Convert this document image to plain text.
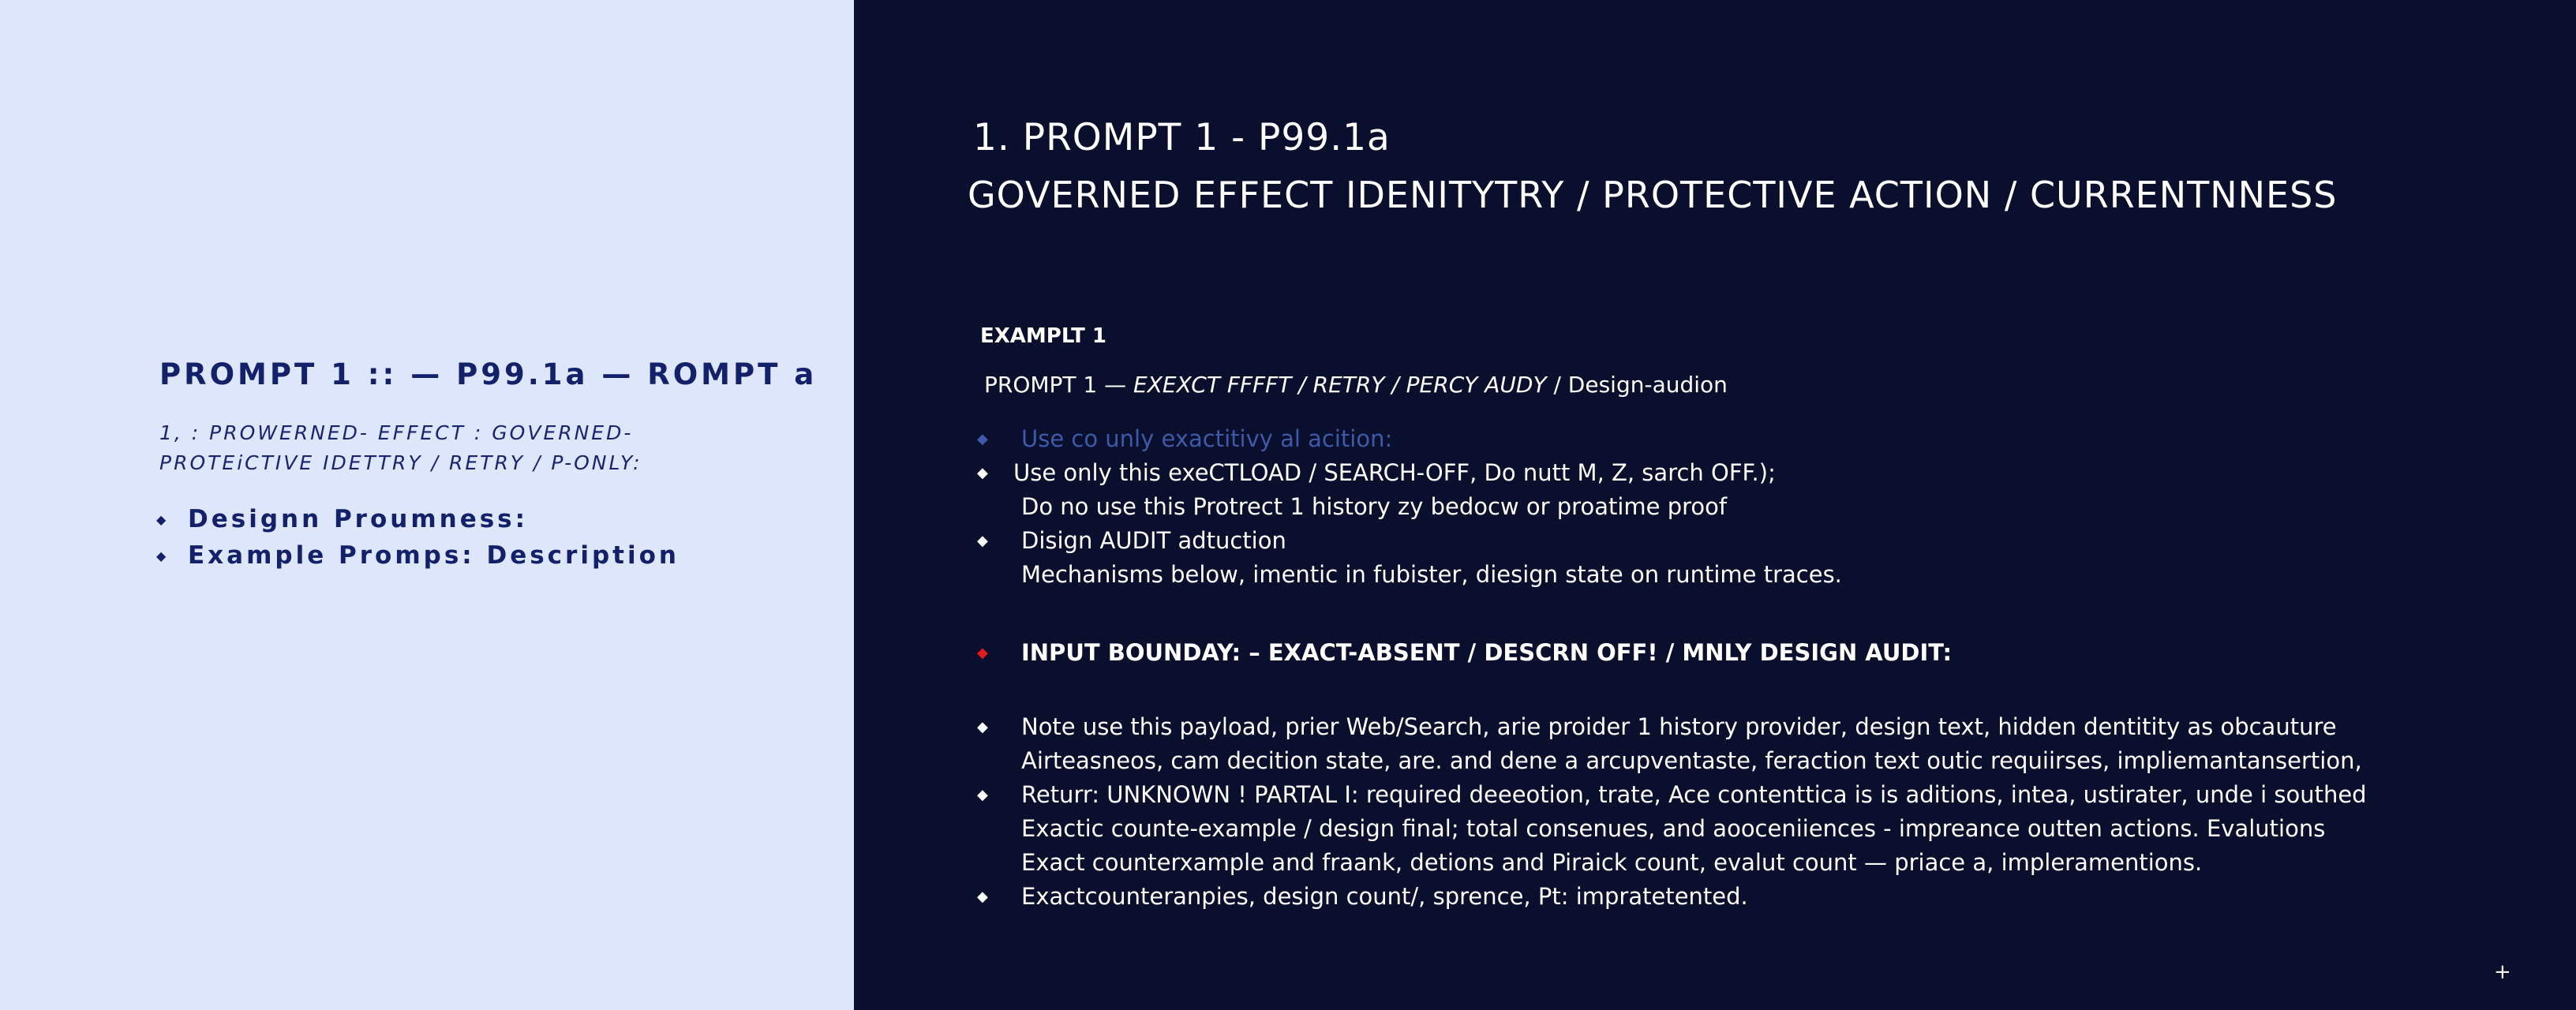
PROMPT 1 :: — P99.1a — ROMPT a

1, : PROWERNED- EFFECT : GOVERNED-

PROTEiCTIVE IDETTRY / RETRY / P-ONLY:

◆ Designn Proumness:
◆ Example Promps: Description
1. PROMPT 1 - P99.1a
GOVERNED EFFECT IDENITYTRY / PROTECTIVE ACTION / CURRENTNNESS
EXAMPLT 1
PROMPT 1 — EXEXCT FFFFT / RETRY / PERCY AUDY / Design-audion
◆ Use co unly exactitivy al acition:
◆ Use only this exeCTLOAD / SEARCH-OFF, Do nutt M, Z, sarch OFF.);
Do no use this Protrect 1 history zy bedocw or proatime proof
◆ Disign AUDIT adtuction
Mechanisms below, imentic in fubister, diesign state on runtime traces.
◆ INPUT BOUNDAY: – EXACT-ABSENT / DESCRN OFF! / MNLY DESIGN AUDIT:
◆ Note use this payload, prier Web/Search, arie proider 1 history provider, design text, hidden dentitity as obcauture
Airteasneos, cam decition state, are. and dene a arcupventaste, feraction text outic requiirses, impliemantansertion,
◆ Returr: UNKNOWN ! PARTAL I: required deeeotion, trate, Ace contenttica is is aditions, intea, ustirater, unde i southed
Exactic counte-example / design final; total consenues, and aooceniiences - impreance outten actions. Evalutions
Exact counterxample and fraank, detions and Piraick count, evalut count — priace a, impleramentions.
◆ Exactcounteranpies, design count/, sprence, Pt: impratetented.
+
